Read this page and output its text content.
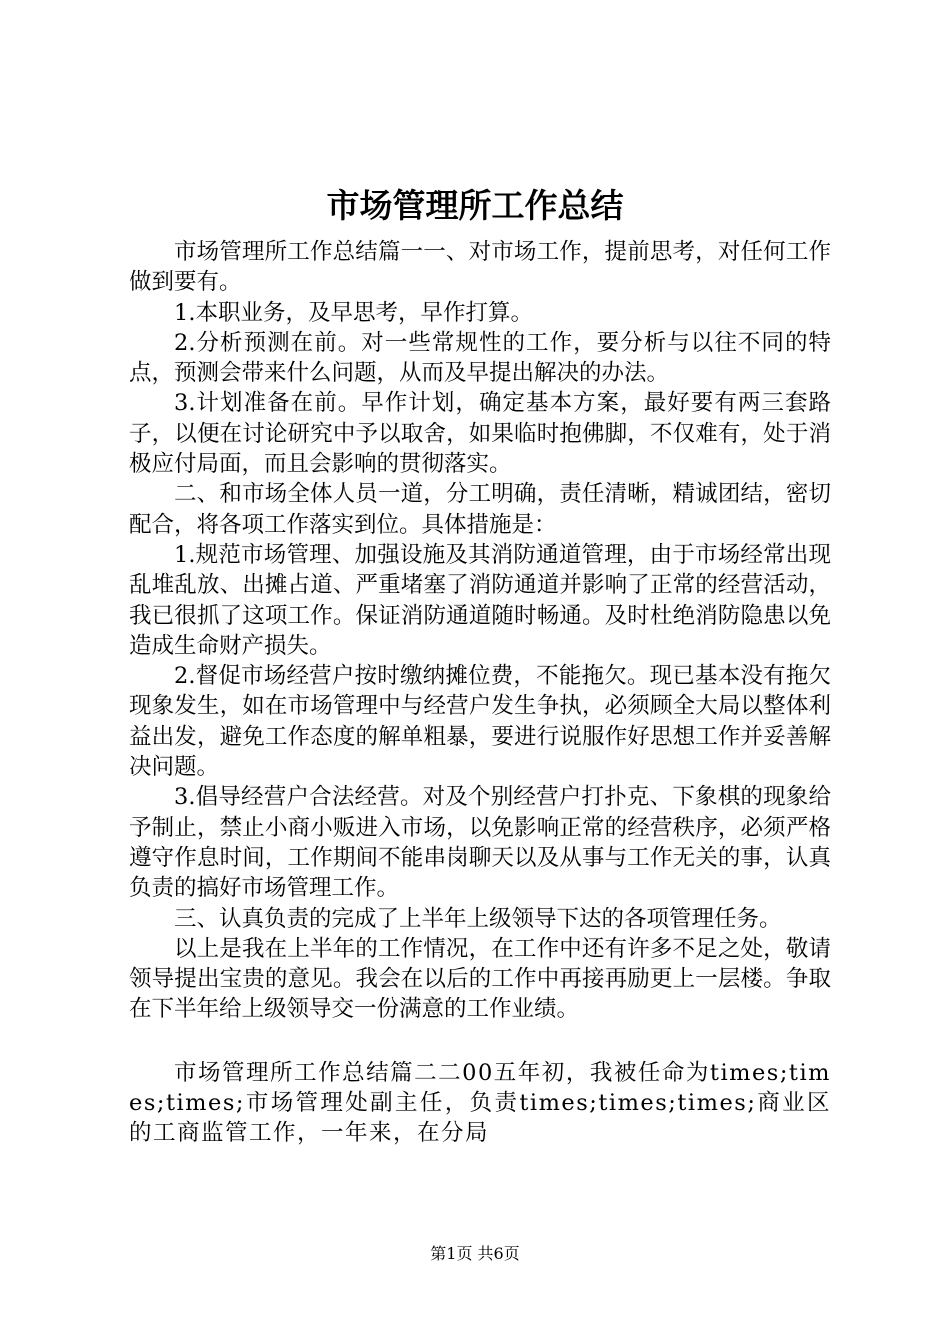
市场管理所工作总结

市场管理所工作总结篇一一、对市场工作，提前思考，对任何工作做到要有。

1.本职业务，及早思考，早作打算。

2.分析预测在前。对一些常规性的工作，要分析与以往不同的特点，预测会带来什么问题，从而及早提出解决的办法。

3.计划准备在前。早作计划，确定基本方案，最好要有两三套路子，以便在讨论研究中予以取舍，如果临时抱佛脚，不仅难有，处于消极应付局面，而且会影响的贯彻落实。

二、和市场全体人员一道，分工明确，责任清晰，精诚团结，密切配合，将各项工作落实到位。具体措施是：

1.规范市场管理、加强设施及其消防通道管理，由于市场经常出现乱堆乱放、出摊占道、严重堵塞了消防通道并影响了正常的经营活动，我已很抓了这项工作。保证消防通道随时畅通。及时杜绝消防隐患以免造成生命财产损失。

2.督促市场经营户按时缴纳摊位费，不能拖欠。现已基本没有拖欠现象发生，如在市场管理中与经营户发生争执，必须顾全大局以整体利益出发，避免工作态度的解单粗暴，要进行说服作好思想工作并妥善解决问题。

3.倡导经营户合法经营。对及个别经营户打扑克、下象棋的现象给予制止，禁止小商小贩进入市场，以免影响正常的经营秩序，必须严格遵守作息时间，工作期间不能串岗聊天以及从事与工作无关的事，认真负责的搞好市场管理工作。

三、认真负责的完成了上半年上级领导下达的各项管理任务。

以上是我在上半年的工作情况，在工作中还有许多不足之处，敬请领导提出宝贵的意见。我会在以后的工作中再接再励更上一层楼。争取在下半年给上级领导交一份满意的工作业绩。

市场管理所工作总结篇二二00五年初，我被任命为times;times;times;市场管理处副主任，负责times;times;times;商业区的工商监管工作，一年来，在分局

第1页 共6页
